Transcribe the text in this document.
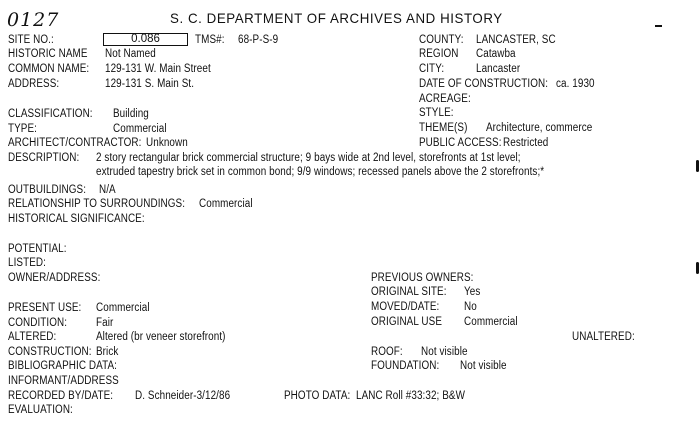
0127	S. C. DEPARTMENT OF ARCHIVES AND HISTORY
SITE NO.:	0.086	TMS#: 68-P-S-9
HISTORIC NAME Not Named
COMMON NAME: 129-131 W. Main Street
ADDRESS:	129-131 S. Main St.
COUNTY: LANCASTER, SC
REGION Catawba
CITY:	Lancaster
DATE OF CONSTRUCTION: ca. 1930
ACREAGE:
STYLE:
THEME(S) Architecture, commerce
PUBLIC ACCESS: Restricted
CLASSIFICATION: Building
TYPE:	Commercial
ARCHITECT/CONTRACTOR: Unknown
DESCRIPTION: 2 story rectangular brick commercial structure; 9 bays wide at 2nd level, storefronts at 1st level;
extruded tapestry brick set in common bond; 9/9 windows; recessed panels above the 2 storefronts;*
OUTBUILDINGS: N/A
RELATIONSHIP TO SURROUNDINGS: Commercial
HISTORICAL SIGNIFICANCE:
POTENTIAL:
LISTED:
OWNER/ADDRESS:	PREVIOUS OWNERS:
ORIGINAL SITE: Yes
MOVED/DATE: No
ORIGINAL USE Commercial
UNALTERED:
PRESENT USE: Commercial
CONDITION:	Fair
ALTERED:	Altered (br veneer storefront)
CONSTRUCTION: Brick	ROOF: Not visible
BIBLIOGRAPHIC DATA:	FOUNDATION: Not visible
INFORMANT/ADDRESS
RECORDED BY/DATE: D. Schneider-3/12/86	PHOTO DATA: LANC Roll #33:32; B&W
EVALUATION:
